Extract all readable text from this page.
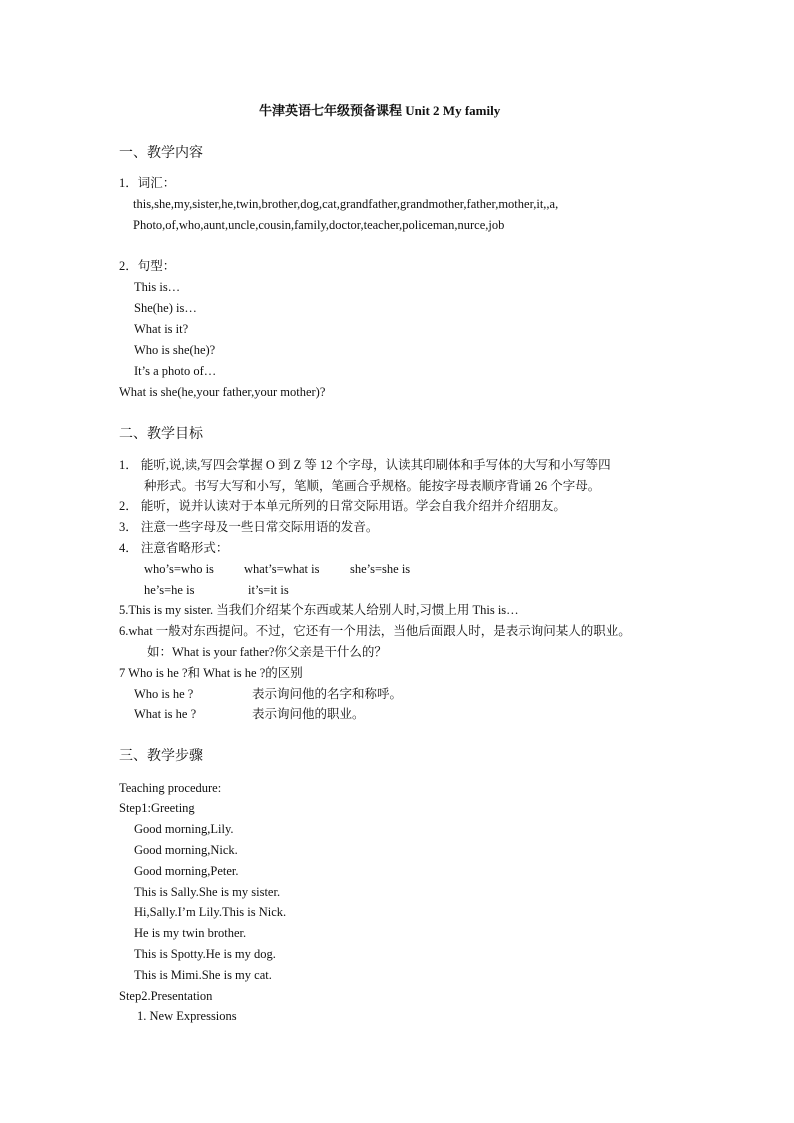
牛津英语七年级预备课程 Unit 2 My family
一、教学内容
1．词汇：
this,she,my,sister,he,twin,brother,dog,cat,grandfather,grandmother,father,mother,it,,a,
Photo,of,who,aunt,uncle,cousin,family,doctor,teacher,policeman,nurce,job
2．句型：
This is…
She(he) is…
What is it?
Who is she(he)?
It’s a photo of…
What is she(he,your father,your mother)?
二、教学目标
1． 能听,说,读,写四会掌握 O 到 Z 等 12 个字母，认读其印刷体和手写体的大写和小写等四
种形式。书写大写和小写，笔顺，笔画合乎规格。能按字母表顺序背诵 26 个字母。
2． 能听，说并认读对于本单元所列的日常交际用语。学会自我介绍并介绍朋友。
3． 注意一些字母及一些日常交际用语的发音。
4． 注意省略形式：
who’s=who is what’s=what is she’s=she is
he’s=he is	it’s=it is
5.This is my sister. 当我们介绍某个东西或某人给别人时,习惯上用 This is…
6.what 一般对东西提问。不过，它还有一个用法，当他后面跟人时，是表示询问某人的职业。
如：What is your father?你父亲是干什么的？
7 Who is he ?和 What is he ?的区别
Who is he ?	表示询问他的名字和称呼。
What is he ?	表示询问他的职业。
三、教学步骤
Teaching procedure:
Step1:Greeting
Good morning,Lily.
Good morning,Nick.
Good morning,Peter.
This is Sally.She is my sister.
Hi,Sally.I’m Lily.This is Nick.
He is my twin brother.
This is Spotty.He is my dog.
This is Mimi.She is my cat.
Step2.Presentation
1. New Expressions
